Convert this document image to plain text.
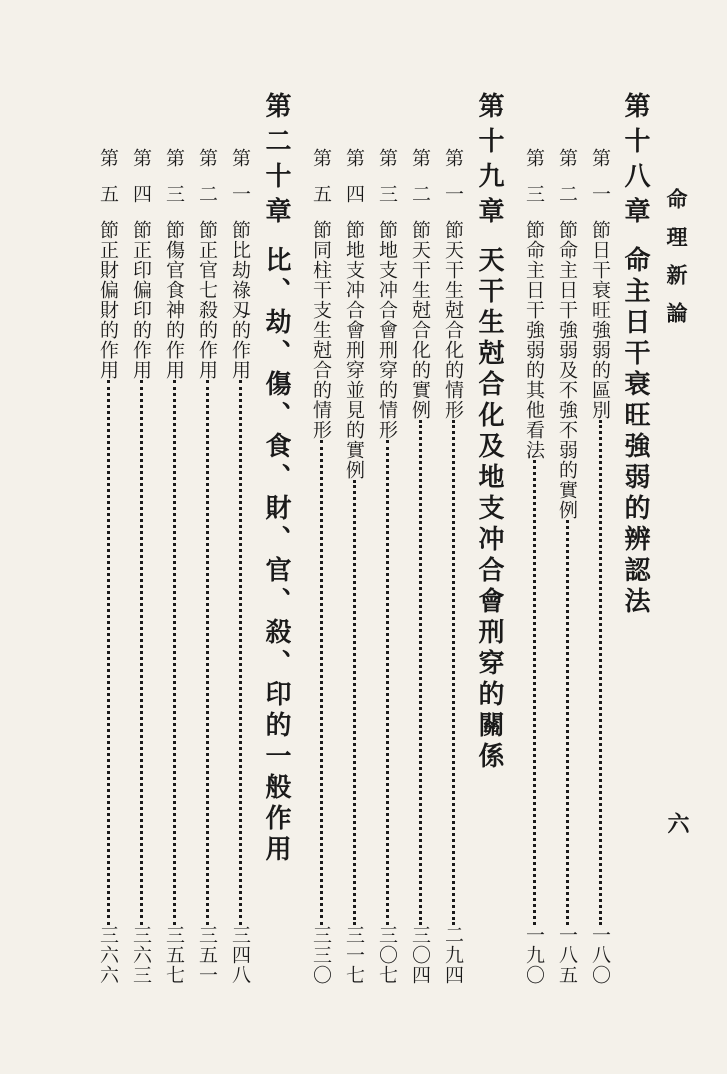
命理新論
六
第十八章命主日干衰旺強弱的辨認法
第一節日干衰旺強弱的區別一八〇
第二節命主日干強弱及不強不弱的實例一八五
第三節命主日干強弱的其他看法一九〇
第十九章天干生尅合化及地支冲合會刑穿的關係
第一節天干生尅合化的情形二九四
第二節天干生尅合化的實例三〇四
第三節地支冲合會刑穿的情形三〇七
第四節地支冲合會刑穿並見的實例三一七
第五節同柱干支生尅合的情形三三〇
第二十章比、劫、傷、食、財、官、殺、印的一般作用
第一節比劫祿刄的作用三四八
第二節正官七殺的作用三五一
第三節傷官食神的作用三五七
第四節正印偏印的作用三六三
第五節正財偏財的作用三六六
